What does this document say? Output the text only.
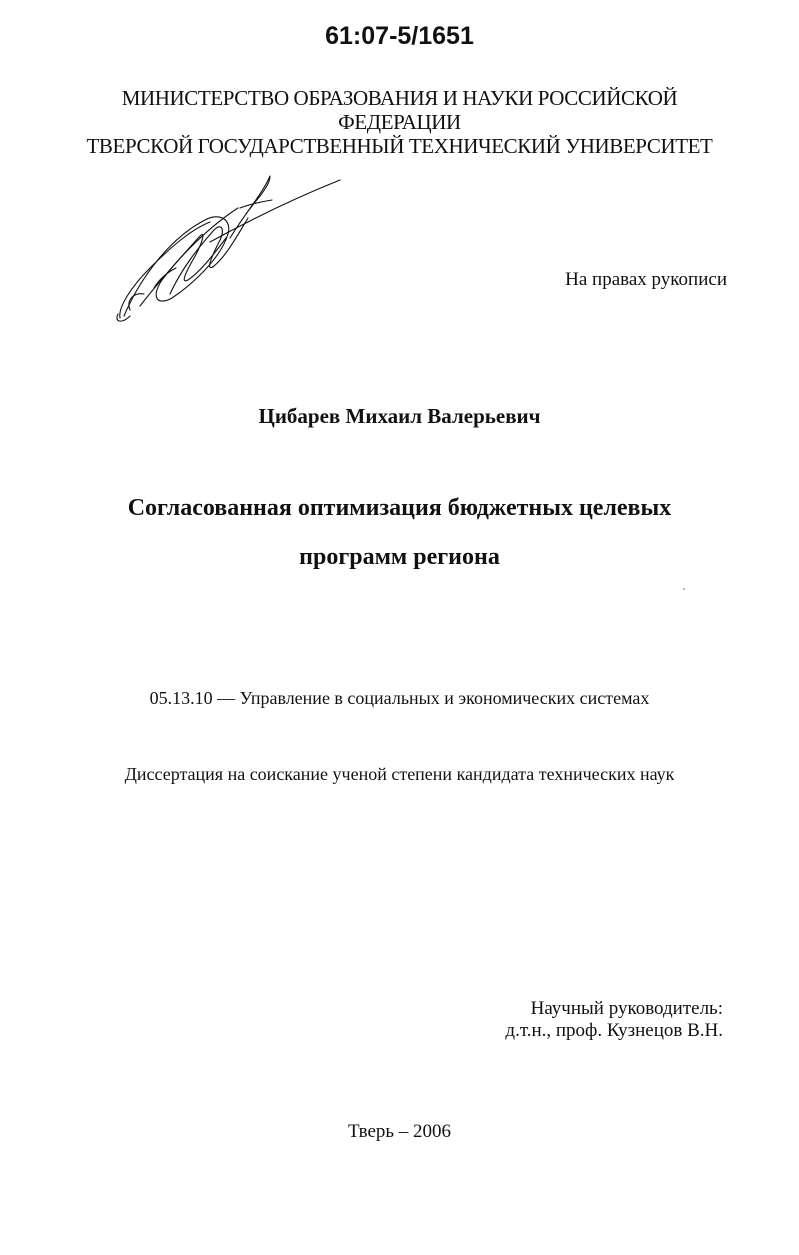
61:07-5/1651
МИНИСТЕРСТВО ОБРАЗОВАНИЯ И НАУКИ РОССИЙСКОЙ
ФЕДЕРАЦИИ
ТВЕРСКОЙ ГОСУДАРСТВЕННЫЙ ТЕХНИЧЕСКИЙ УНИВЕРСИТЕТ
На правах рукописи
Цибарев Михаил Валерьевич
Согласованная оптимизация бюджетных целевых
программ региона
05.13.10 — Управление в социальных и экономических системах
Диссертация на соискание ученой степени кандидата технических наук
Научный руководитель:
д.т.н., проф. Кузнецов В.Н.
Тверь – 2006
